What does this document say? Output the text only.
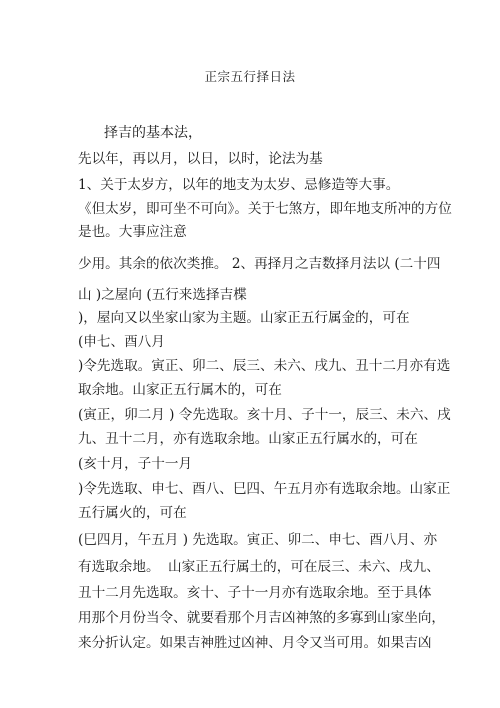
正宗五行择日法
择吉的基本法，
先以年，再以月，以日，以时，论法为基
1、关于太岁方，以年的地支为太岁、忌修造等大事。
《但太岁，即可坐不可向》。关于七煞方，即年地支所冲的方位
是也。大事应注意
少用。其余的依次类推。 2、再择月之吉数择月法以 (二十四
山 )之屋向 (五行来选择吉楪
)，屋向又以坐家山家为主题。山家正五行属金的，可在
(申七、酉八月
)令先选取。寅正、卯二、辰三、未六、戌九、丑十二月亦有选
取余地。山家正五行属木的，可在
(寅正，卯二月 ) 令先选取。亥十月、子十一，辰三、未六、戌
九、丑十二月，亦有选取余地。山家正五行属水的，可在
(亥十月，子十一月
)令先选取、申七、酉八、巳四、午五月亦有选取余地。山家正
五行属火的，可在
(巳四月，午五月 ) 先选取。寅正、卯二、申七、酉八月、亦
有选取余地。 山家正五行属土的，可在辰三、未六、戌九、
丑十二月先选取。亥十、子十一月亦有选取余地。至于具体
用那个月份当令、就要看那个月吉凶神煞的多寡到山家坐向，
来分折认定。如果吉神胜过凶神、月令又当可用。如果吉凶
